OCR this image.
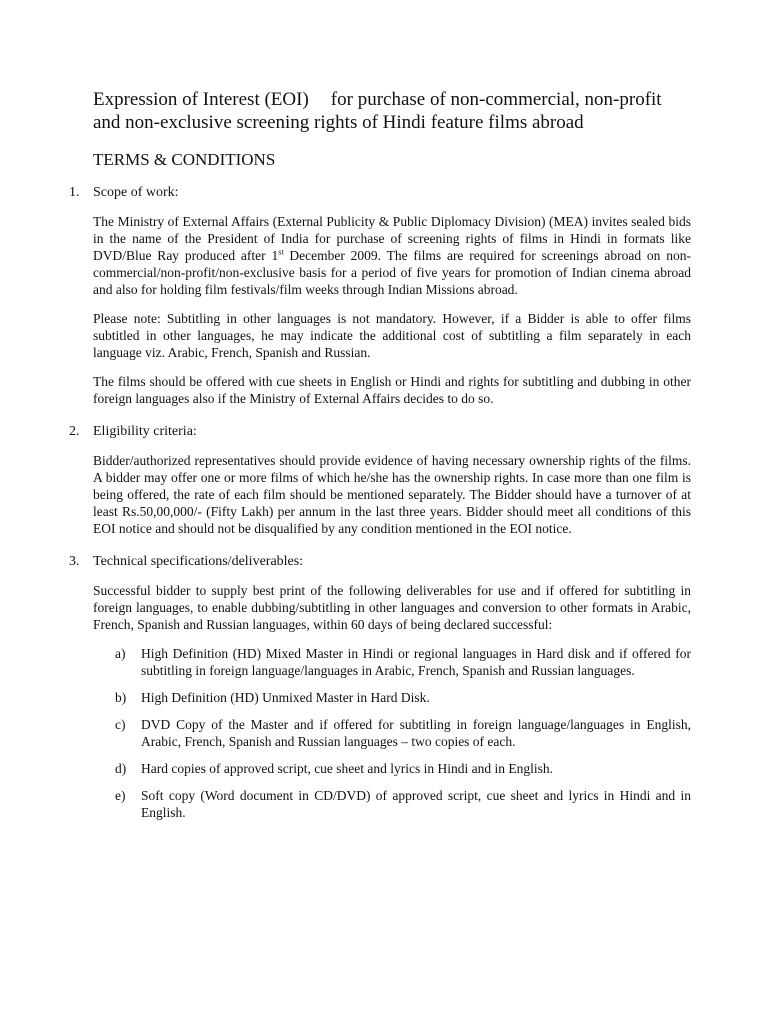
Expression of Interest (EOI) for purchase of non-commercial, non-profit and non-exclusive screening rights of Hindi feature films abroad
TERMS & CONDITIONS
1. Scope of work:

The Ministry of External Affairs (External Publicity & Public Diplomacy Division) (MEA) invites sealed bids in the name of the President of India for purchase of screening rights of films in Hindi in formats like DVD/Blue Ray produced after 1st December 2009. The films are required for screenings abroad on non-commercial/non-profit/non-exclusive basis for a period of five years for promotion of Indian cinema abroad and also for holding film festivals/film weeks through Indian Missions abroad.

Please note: Subtitling in other languages is not mandatory. However, if a Bidder is able to offer films subtitled in other languages, he may indicate the additional cost of subtitling a film separately in each language viz. Arabic, French, Spanish and Russian.

The films should be offered with cue sheets in English or Hindi and rights for subtitling and dubbing in other foreign languages also if the Ministry of External Affairs decides to do so.

2. Eligibility criteria:

Bidder/authorized representatives should provide evidence of having necessary ownership rights of the films. A bidder may offer one or more films of which he/she has the ownership rights. In case more than one film is being offered, the rate of each film should be mentioned separately. The Bidder should have a turnover of at least Rs.50,00,000/- (Fifty Lakh) per annum in the last three years. Bidder should meet all conditions of this EOI notice and should not be disqualified by any condition mentioned in the EOI notice.

3. Technical specifications/deliverables:

Successful bidder to supply best print of the following deliverables for use and if offered for subtitling in foreign languages, to enable dubbing/subtitling in other languages and conversion to other formats in Arabic, French, Spanish and Russian languages, within 60 days of being declared successful:

a) High Definition (HD) Mixed Master in Hindi or regional languages in Hard disk and if offered for subtitling in foreign language/languages in Arabic, French, Spanish and Russian languages.
b) High Definition (HD) Unmixed Master in Hard Disk.
c) DVD Copy of the Master and if offered for subtitling in foreign language/languages in English, Arabic, French, Spanish and Russian languages – two copies of each.
d) Hard copies of approved script, cue sheet and lyrics in Hindi and in English.
e) Soft copy (Word document in CD/DVD) of approved script, cue sheet and lyrics in Hindi and in English.
